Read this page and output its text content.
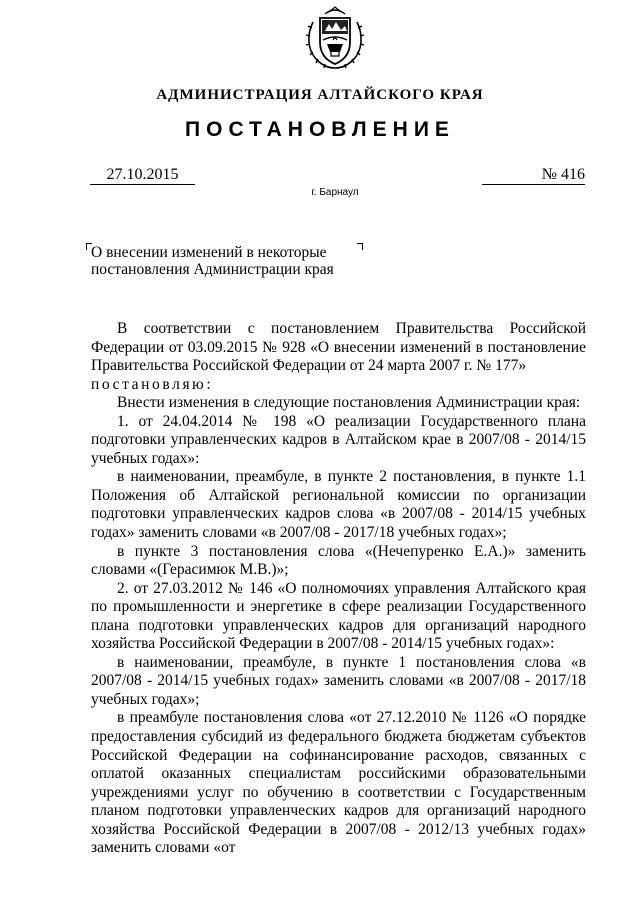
АДМИНИСТРАЦИЯ АЛТАЙСКОГО КРАЯ
ПОСТАНОВЛЕНИЕ
27.10.2015	№ 416
г. Барнаул
О внесении изменений в некоторые постановления Администрации края

В соответствии с постановлением Правительства Российской Федерации от 03.09.2015 № 928 «О внесении изменений в постановление Правительства Российской Федерации от 24 марта 2007 г. № 177»
постановляю:

Внести изменения в следующие постановления Администрации края:

1. от 24.04.2014 № 198 «О реализации Государственного плана подготовки управленческих кадров в Алтайском крае в 2007/08 - 2014/15 учебных годах»:

в наименовании, преамбуле, в пункте 2 постановления, в пункте 1.1 Положения об Алтайской региональной комиссии по организации подготовки управленческих кадров слова «в 2007/08 - 2014/15 учебных годах» заменить словами «в 2007/08 - 2017/18 учебных годах»;

в пункте 3 постановления слова «(Нечепуренко Е.А.)» заменить словами «(Герасимюк М.В.)»;

2. от 27.03.2012 № 146 «О полномочиях управления Алтайского края по промышленности и энергетике в сфере реализации Государственного плана подготовки управленческих кадров для организаций народного хозяйства Российской Федерации в 2007/08 - 2014/15 учебных годах»:

в наименовании, преамбуле, в пункте 1 постановления слова «в 2007/08 - 2014/15 учебных годах» заменить словами «в 2007/08 - 2017/18 учебных годах»;

в преамбуле постановления слова «от 27.12.2010 № 1126 «О порядке предоставления субсидий из федерального бюджета бюджетам субъектов Российской Федерации на софинансирование расходов, связанных с оплатой оказанных специалистам российскими образовательными учреждениями услуг по обучению в соответствии с Государственным планом подготовки управленческих кадров для организаций народного хозяйства Российской Федерации в 2007/08 - 2012/13 учебных годах» заменить словами «от
